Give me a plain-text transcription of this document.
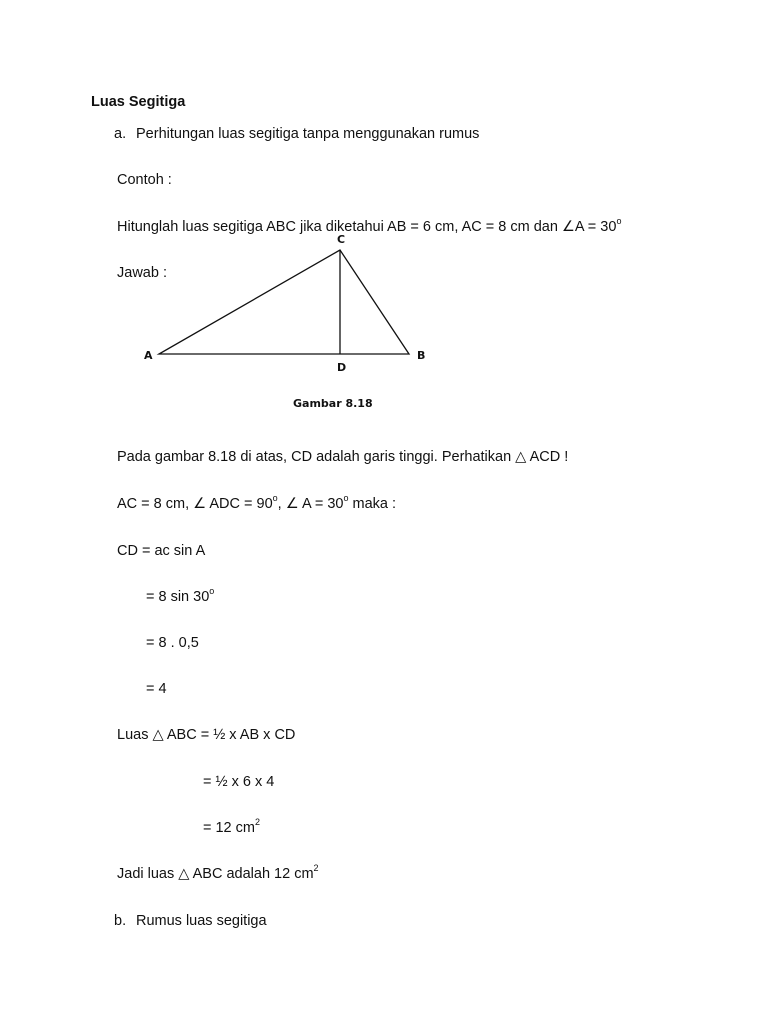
Luas Segitiga
a. Perhitungan luas segitiga tanpa menggunakan rumus
Contoh :
Hitunglah luas segitiga ABC jika diketahui AB = 6 cm, AC = 8 cm dan ∠A = $30^o$
Jawab :
C
A	B
D
Gambar 8.18
Pada gambar 8.18 di atas, CD adalah garis tinggi. Perhatikan △ ACD !
AC = 8 cm, ∠ ADC = $90^o$, ∠ $A = 30^o$ maka :
CD = ac sin A
= 8 $\sin 30^o$
= 8 . 0,5
= 4
Luas △ ABC = ½ x AB x CD
= ½ x 6 x 4
= 12 $cm^2$
Jadi luas △ ABC adalah 12 $cm^2$
b. Rumus luas segitiga
